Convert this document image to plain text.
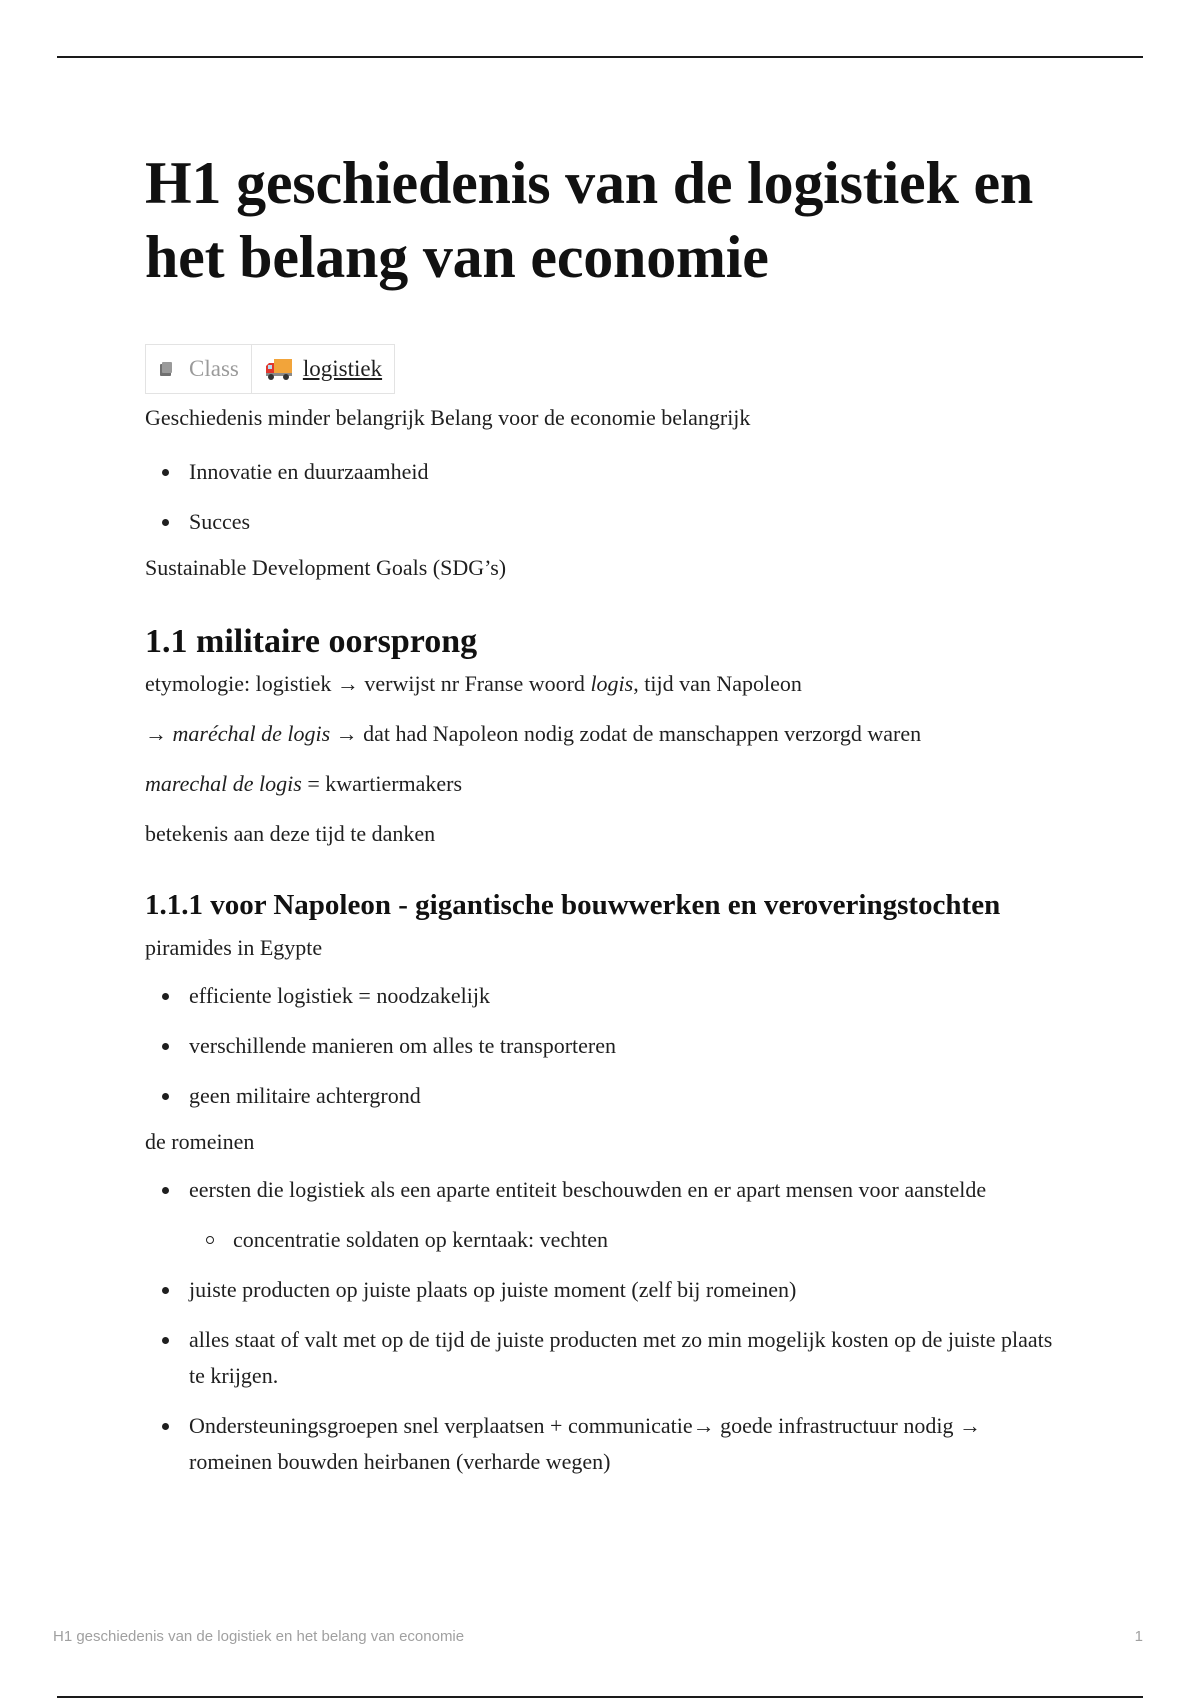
H1 geschiedenis van de logistiek en het belang van economie
Class	logistiek

Geschiedenis minder belangrijk Belang voor de economie belangrijk

Innovatie en duurzaamheid
Succes

Sustainable Development Goals (SDG’s)

1.1 militaire oorsprong

etymologie: logistiek → verwijst nr Franse woord logis, tijd van Napoleon

→ maréchal de logis → dat had Napoleon nodig zodat de manschappen verzorgd waren

marechal de logis = kwartiermakers

betekenis aan deze tijd te danken

1.1.1 voor Napoleon - gigantische bouwwerken en veroveringstochten

piramides in Egypte

efficiente logistiek = noodzakelijk
verschillende manieren om alles te transporteren
geen militaire achtergrond

de romeinen

eersten die logistiek als een aparte entiteit beschouwden en er apart mensen voor aanstelde
concentratie soldaten op kerntaak: vechten
juiste producten op juiste plaats op juiste moment (zelf bij romeinen)
alles staat of valt met op de tijd de juiste producten met zo min mogelijk kosten op de juiste plaats te krijgen.
Ondersteuningsgroepen snel verplaatsen + communicatie→ goede infrastructuur nodig → romeinen bouwden heirbanen (verharde wegen)
H1 geschiedenis van de logistiek en het belang van economie	1
